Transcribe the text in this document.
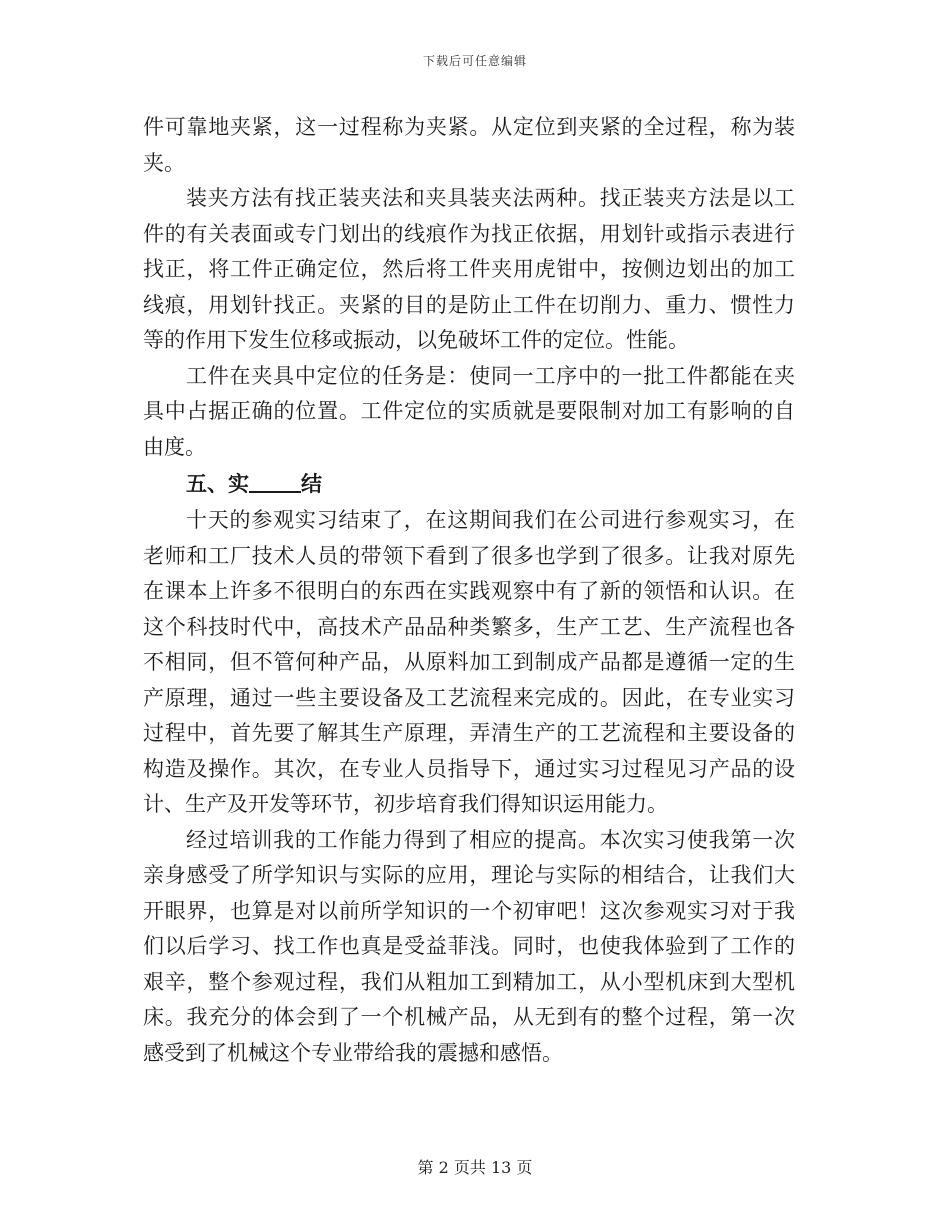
下载后可任意编辑
件可靠地夹紧，这一过程称为夹紧。从定位到夹紧的全过程，称为装
夹。
装夹方法有找正装夹法和夹具装夹法两种。找正装夹方法是以工
件的有关表面或专门划出的线痕作为找正依据，用划针或指示表进行
找正，将工件正确定位，然后将工件夹用虎钳中，按侧边划出的加工
线痕，用划针找正。夹紧的目的是防止工件在切削力、重力、惯性力
等的作用下发生位移或振动，以免破坏工件的定位。性能。
工件在夹具中定位的任务是：使同一工序中的一批工件都能在夹
具中占据正确的位置。工件定位的实质就是要限制对加工有影响的自
由度。
五、实 结
十天的参观实习结束了，在这期间我们在公司进行参观实习，在
老师和工厂技术人员的带领下看到了很多也学到了很多。让我对原先
在课本上许多不很明白的东西在实践观察中有了新的领悟和认识。在
这个科技时代中，高技术产品品种类繁多，生产工艺、生产流程也各
不相同，但不管何种产品，从原料加工到制成产品都是遵循一定的生
产原理，通过一些主要设备及工艺流程来完成的。因此，在专业实习
过程中，首先要了解其生产原理，弄清生产的工艺流程和主要设备的
构造及操作。其次，在专业人员指导下，通过实习过程见习产品的设
计、生产及开发等环节，初步培育我们得知识运用能力。
经过培训我的工作能力得到了相应的提高。本次实习使我第一次
亲身感受了所学知识与实际的应用，理论与实际的相结合，让我们大
开眼界，也算是对以前所学知识的一个初审吧！这次参观实习对于我
们以后学习、找工作也真是受益菲浅。同时，也使我体验到了工作的
艰辛，整个参观过程，我们从粗加工到精加工，从小型机床到大型机
床。我充分的体会到了一个机械产品，从无到有的整个过程，第一次
感受到了机械这个专业带给我的震撼和感悟。
第 2 页共 13 页
